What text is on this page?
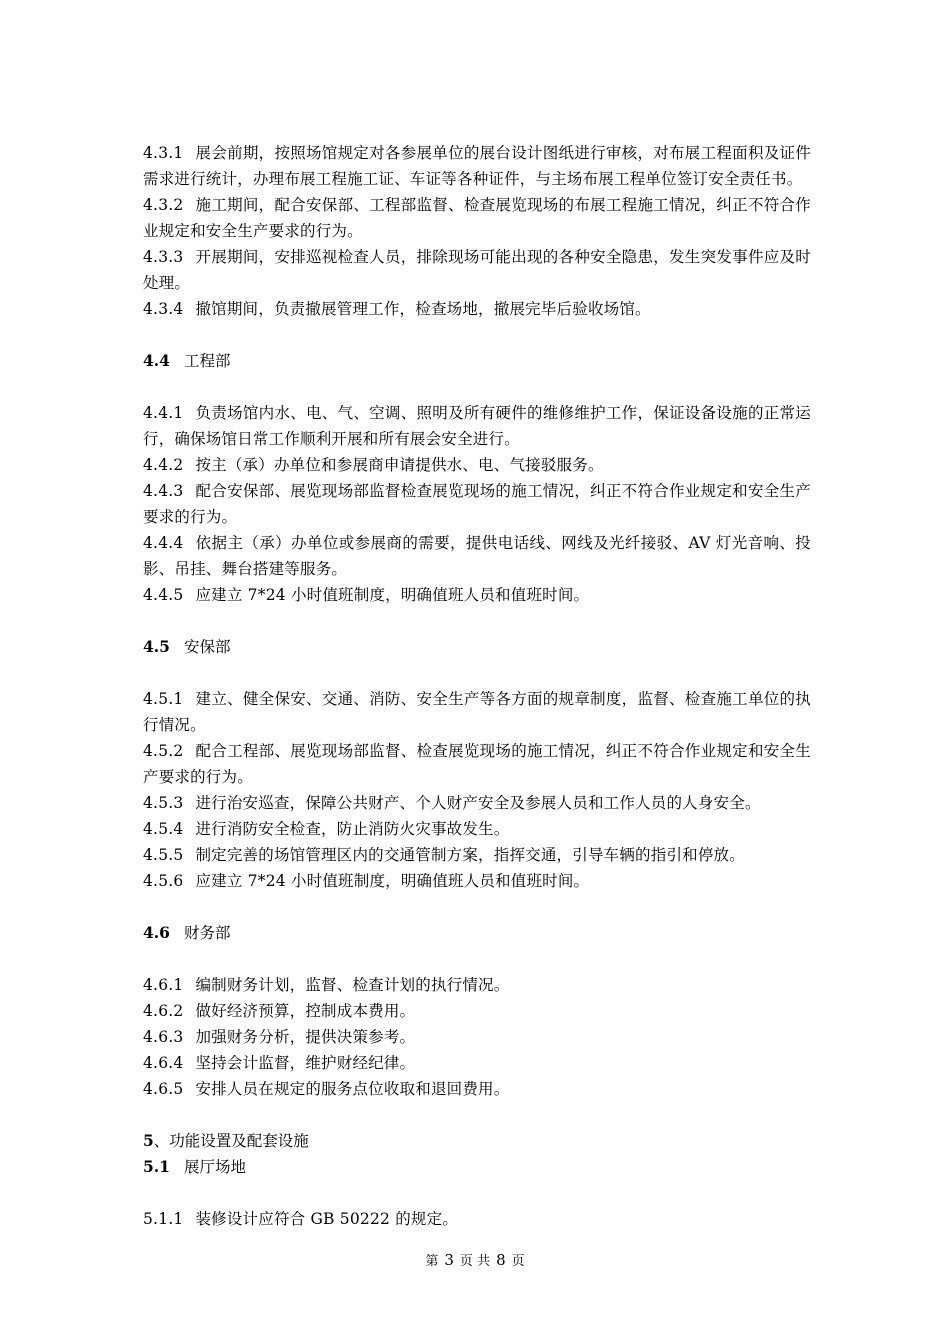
4.3.1 展会前期，按照场馆规定对各参展单位的展台设计图纸进行审核，对布展工程面积及证件需求进行统计，办理布展工程施工证、车证等各种证件，与主场布展工程单位签订安全责任书。

4.3.2 施工期间，配合安保部、工程部监督、检查展览现场的布展工程施工情况，纠正不符合作业规定和安全生产要求的行为。

4.3.3 开展期间，安排巡视检查人员，排除现场可能出现的各种安全隐患，发生突发事件应及时处理。

4.3.4 撤馆期间，负责撤展管理工作，检查场地，撤展完毕后验收场馆。

4.4 工程部

4.4.1 负责场馆内水、电、气、空调、照明及所有硬件的维修维护工作，保证设备设施的正常运行，确保场馆日常工作顺利开展和所有展会安全进行。

4.4.2 按主（承）办单位和参展商申请提供水、电、气接驳服务。

4.4.3 配合安保部、展览现场部监督检查展览现场的施工情况，纠正不符合作业规定和安全生产要求的行为。

4.4.4 依据主（承）办单位或参展商的需要，提供电话线、网线及光纤接驳、AV 灯光音响、投影、吊挂、舞台搭建等服务。

4.4.5 应建立 7*24 小时值班制度，明确值班人员和值班时间。

4.5 安保部

4.5.1 建立、健全保安、交通、消防、安全生产等各方面的规章制度，监督、检查施工单位的执行情况。

4.5.2 配合工程部、展览现场部监督、检查展览现场的施工情况，纠正不符合作业规定和安全生产要求的行为。

4.5.3 进行治安巡查，保障公共财产、个人财产安全及参展人员和工作人员的人身安全。

4.5.4 进行消防安全检查，防止消防火灾事故发生。

4.5.5 制定完善的场馆管理区内的交通管制方案，指挥交通，引导车辆的指引和停放。

4.5.6 应建立 7*24 小时值班制度，明确值班人员和值班时间。

4.6 财务部

4.6.1 编制财务计划，监督、检查计划的执行情况。

4.6.2 做好经济预算，控制成本费用。

4.6.3 加强财务分析，提供决策参考。

4.6.4 坚持会计监督，维护财经纪律。

4.6.5 安排人员在规定的服务点位收取和退回费用。

5、功能设置及配套设施

5.1 展厅场地

5.1.1 装修设计应符合 GB 50222 的规定。

第 3 页 共 8 页
